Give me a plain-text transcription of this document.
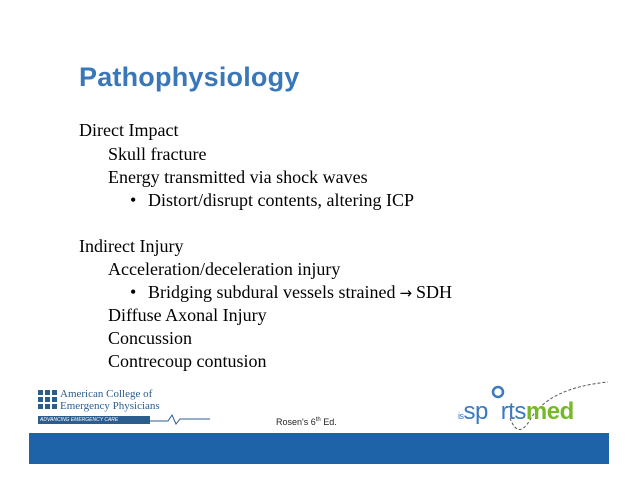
Pathophysiology
Direct Impact
Skull fracture
Energy transmitted via shock waves
• Distort/disrupt contents, altering ICP
Indirect Injury
Acceleration/deceleration injury
• Bridging subdural vessels strained → SDH
Diffuse Axonal Injury
Concussion
Contrecoup contusion
American College of
Emergency Physicians
ADVANCING EMERGENCY CARE	Rosen's 6th Ed.
issp rtsmed
